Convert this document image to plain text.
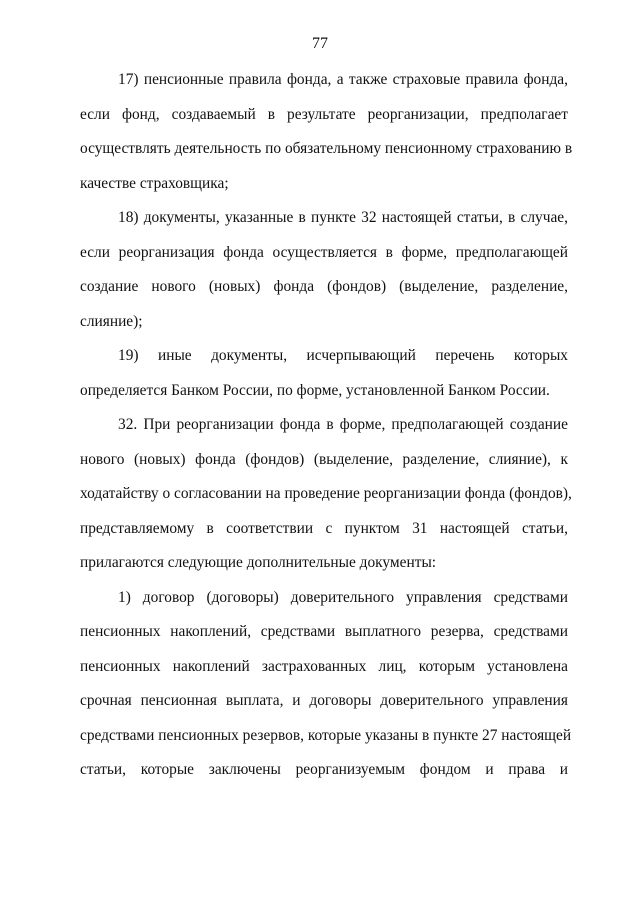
77
17) пенсионные правила фонда, а также страховые правила фонда,
если фонд, создаваемый в результате реорганизации, предполагает
осуществлять деятельность по обязательному пенсионному страхованию в
качестве страховщика;
18) документы, указанные в пункте 32 настоящей статьи, в случае,
если реорганизация фонда осуществляется в форме, предполагающей
создание нового (новых) фонда (фондов) (выделение, разделение,
слияние);
19) иные документы, исчерпывающий перечень которых
определяется Банком России, по форме, установленной Банком России.
32. При реорганизации фонда в форме, предполагающей создание
нового (новых) фонда (фондов) (выделение, разделение, слияние), к
ходатайству о согласовании на проведение реорганизации фонда (фондов),
представляемому в соответствии с пунктом 31 настоящей статьи,
прилагаются следующие дополнительные документы:
1) договор (договоры) доверительного управления средствами
пенсионных накоплений, средствами выплатного резерва, средствами
пенсионных накоплений застрахованных лиц, которым установлена
срочная пенсионная выплата, и договоры доверительного управления
средствами пенсионных резервов, которые указаны в пункте 27 настоящей
статьи, которые заключены реорганизуемым фондом и права и
